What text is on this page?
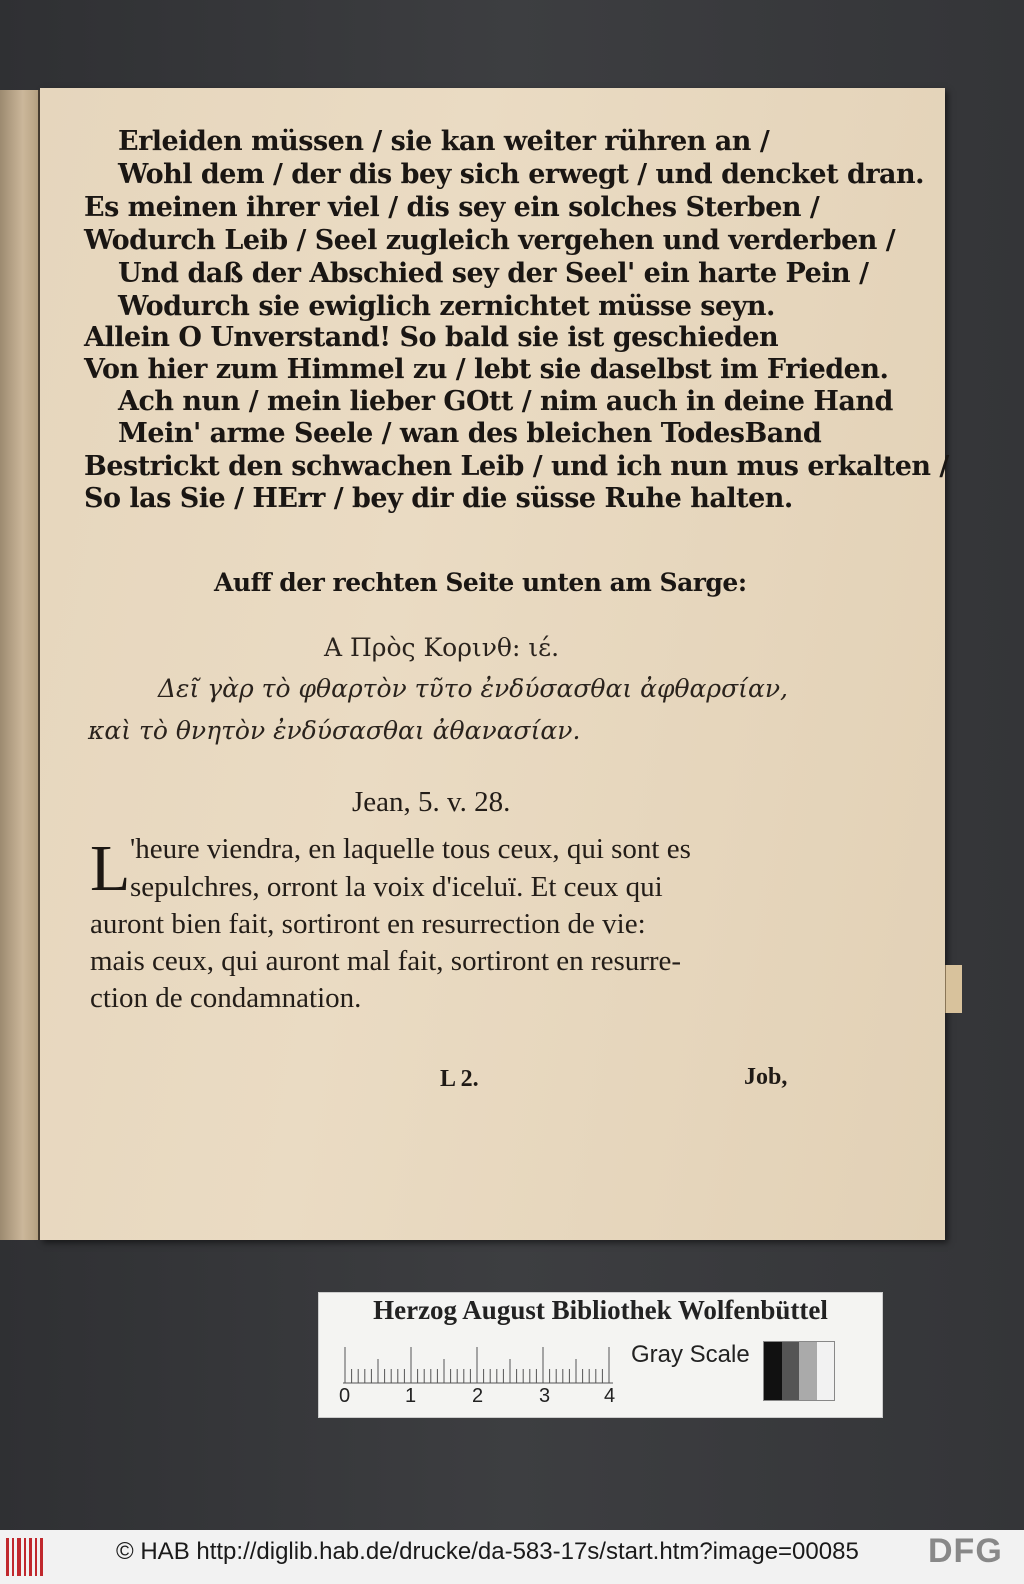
Erleiden müssen / sie kan weiter rühren an /
Wohl dem / der dis bey sich erwegt / und dencket dran.
Es meinen ihrer viel / dis sey ein solches Sterben /
Wodurch Leib / Seel zugleich vergehen und verderben /
Und daß der Abschied sey der Seel' ein harte Pein /
Wodurch sie ewiglich zernichtet müsse seyn.
Allein O Unverstand! So bald sie ist geschieden
Von hier zum Himmel zu / lebt sie daselbst im Frieden.
Ach nun / mein lieber GOtt / nim auch in deine Hand
Mein' arme Seele / wan des bleichen TodesBand
Bestrickt den schwachen Leib / und ich nun mus erkalten /
So las Sie / HErr / bey dir die süsse Ruhe halten.
Auff der rechten Seite unten am Sarge:
Α Πρὸς Κορινθ: ιέ.
Δεῖ γὰρ τὸ φθαρτὸν τῦτο ἐνδύσασθαι ἀφθαρσίαν,
καὶ τὸ θνητὸν ἐνδύσασθαι ἀθανασίαν.
Jean, 5. v. 28.
L 'heure viendra, en laquelle tous ceux, qui sont es
sepulchres, orront la voix d'iceluï. Et ceux qui
auront bien fait, sortiront en resurrection de vie:
mais ceux, qui auront mal fait, sortiront en resurre-
ction de condamnation.
L 2.	Job,
Herzog August Bibliothek Wolfenbüttel
0	1	2	3	4
Gray Scale
© HAB http://diglib.hab.de/drucke/da-583-17s/start.htm?image=00085 DFG
